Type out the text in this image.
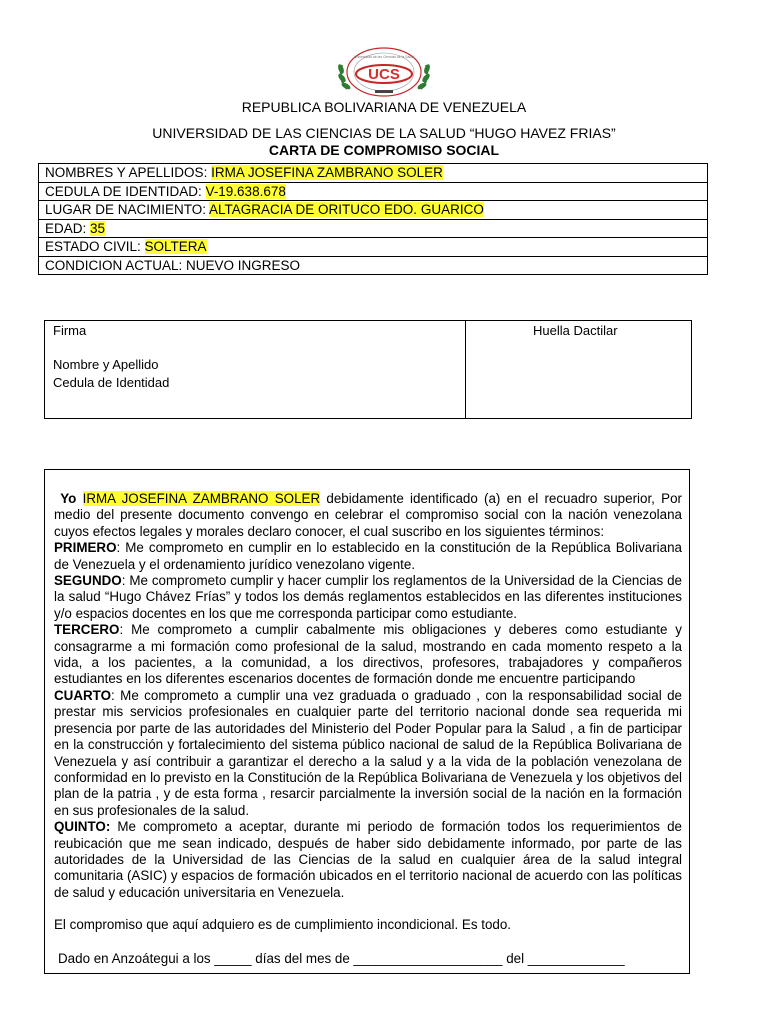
UCS
Universidad de las Ciencias de la Salud
REPUBLICA BOLIVARIANA DE VENEZUELA
UNIVERSIDAD DE LAS CIENCIAS DE LA SALUD “HUGO HAVEZ FRIAS”
CARTA DE COMPROMISO SOCIAL
NOMBRES Y APELLIDOS: IRMA JOSEFINA ZAMBRANO SOLER
CEDULA DE IDENTIDAD: V-19.638.678
LUGAR DE NACIMIENTO: ALTAGRACIA DE ORITUCO EDO. GUARICO
EDAD: 35
ESTADO CIVIL: SOLTERA
CONDICION ACTUAL: NUEVO INGRESO
Firma
Nombre y Apellido
Cedula de Identidad
Huella Dactilar

Yo IRMA JOSEFINA ZAMBRANO SOLER debidamente identificado (a) en el recuadro superior, Por medio del presente documento convengo en celebrar el compromiso social con la nación venezolana cuyos efectos legales y morales declaro conocer, el cual suscribo en los siguientes términos:

PRIMERO: Me comprometo en cumplir en lo establecido en la constitución de la República Bolivariana de Venezuela y el ordenamiento jurídico venezolano vigente.

SEGUNDO: Me comprometo cumplir y hacer cumplir los reglamentos de la Universidad de la Ciencias de la salud “Hugo Chávez Frías” y todos los demás reglamentos establecidos en las diferentes instituciones y/o espacios docentes en los que me corresponda participar como estudiante.

TERCERO: Me comprometo a cumplir cabalmente mis obligaciones y deberes como estudiante y consagrarme a mi formación como profesional de la salud, mostrando en cada momento respeto a la vida, a los pacientes, a la comunidad, a los directivos, profesores, trabajadores y compañeros estudiantes en los diferentes escenarios docentes de formación donde me encuentre participando

CUARTO: Me comprometo a cumplir una vez graduada o graduado , con la responsabilidad social de prestar mis servicios profesionales en cualquier parte del territorio nacional donde sea requerida mi presencia por parte de las autoridades del Ministerio del Poder Popular para la Salud , a fin de participar en la construcción y fortalecimiento del sistema público nacional de salud de la República Bolivariana de Venezuela y así contribuir a garantizar el derecho a la salud y a la vida de la población venezolana de conformidad en lo previsto en la Constitución de la República Bolivariana de Venezuela y los objetivos del plan de la patria , y de esta forma , resarcir parcialmente la inversión social de la nación en la formación en sus profesionales de la salud.

QUINTO: Me comprometo a aceptar, durante mi periodo de formación todos los requerimientos de reubicación que me sean indicado, después de haber sido debidamente informado, por parte de las autoridades de la Universidad de las Ciencias de la salud en cualquier área de la salud integral comunitaria (ASIC) y espacios de formación ubicados en el territorio nacional de acuerdo con las políticas de salud y educación universitaria en Venezuela.

El compromiso que aquí adquiero es de cumplimiento incondicional. Es todo.
Dado en Anzoátegui a los _____ días del mes de ____________________ del _____________
